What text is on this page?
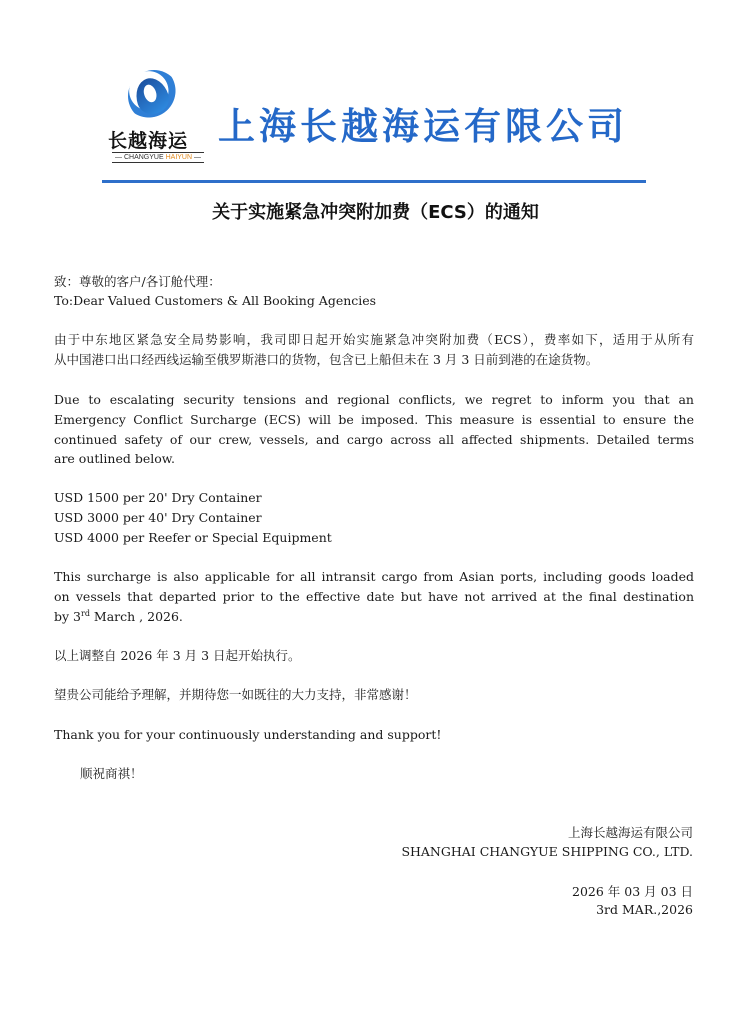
长越海运
— CHANGYUE HAIYUN —
上海长越海运有限公司
关于实施紧急冲突附加费（ECS）的通知
致：尊敬的客户/各订舱代理：
To:Dear Valued Customers & All Booking Agencies
由于中东地区紧急安全局势影响，我司即日起开始实施紧急冲突附加费（ECS），费率如下，适用于从所有
从中国港口出口经西线运输至俄罗斯港口的货物，包含已上船但未在 3 月 3 日前到港的在途货物。
Due to escalating security tensions and regional conflicts, we regret to inform you that an
Emergency Conflict Surcharge (ECS) will be imposed. This measure is essential to ensure the
continued safety of our crew, vessels, and cargo across all affected shipments. Detailed terms
are outlined below.
USD 1500 per 20' Dry Container
USD 3000 per 40' Dry Container
USD 4000 per Reefer or Special Equipment
This surcharge is also applicable for all intransit cargo from Asian ports, including goods loaded
on vessels that departed prior to the effective date but have not arrived at the final destination
by 3rd March , 2026.
以上调整自 2026 年 3 月 3 日起开始执行。
望贵公司能给予理解，并期待您一如既往的大力支持，非常感谢！
Thank you for your continuously understanding and support!
顺祝商祺！
上海长越海运有限公司
SHANGHAI CHANGYUE SHIPPING CO., LTD.
2026 年 03 月 03 日
3rd MAR.,2026
